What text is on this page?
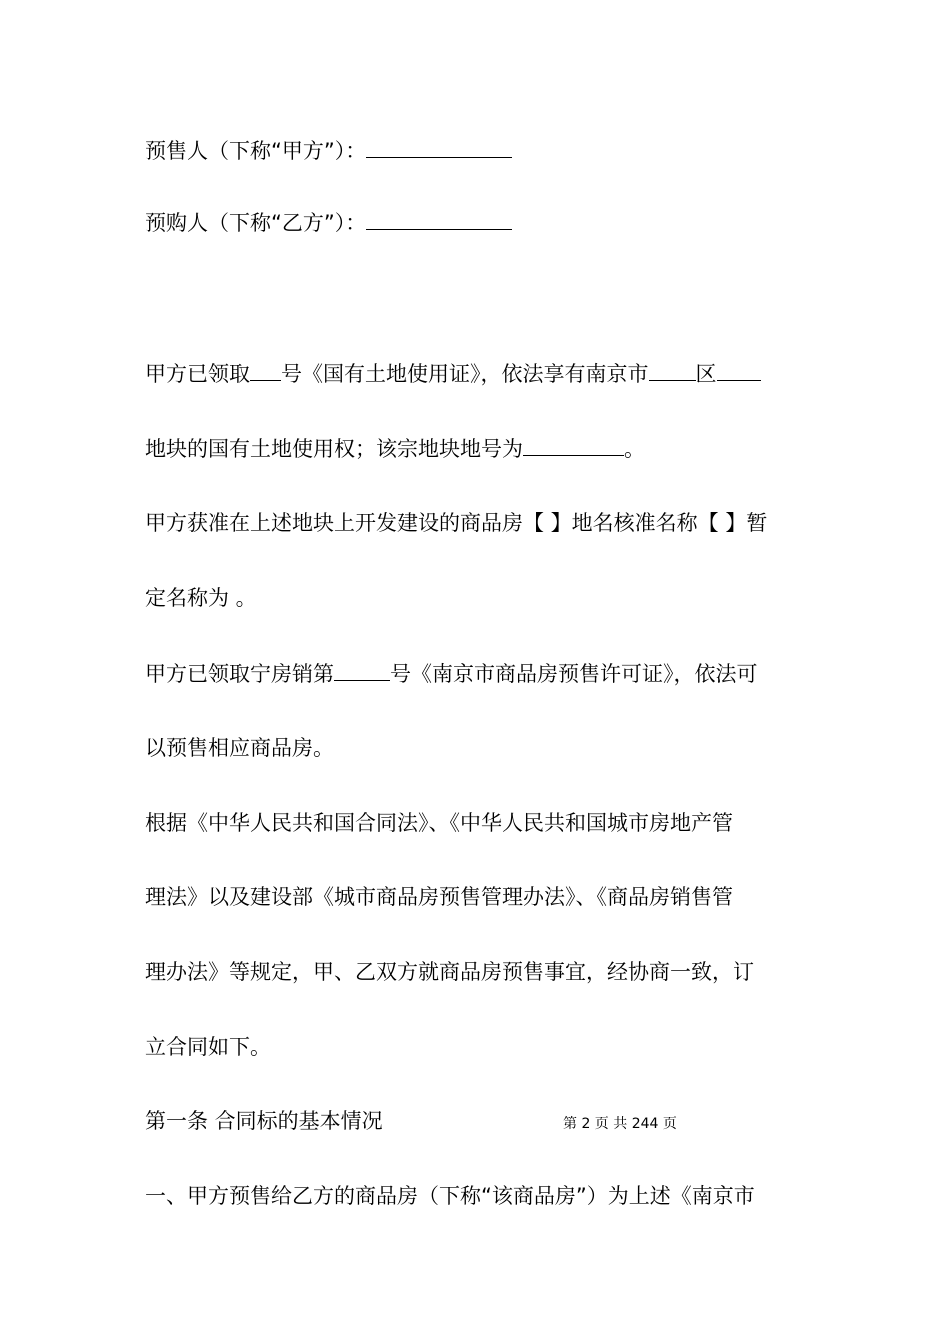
预售人（下称“甲方”）：
预购人（下称“乙方”）：
甲方已领取 号《国有土地使用证》，依法享有南京市 区
地块的国有土地使用权；该宗地块地号为	。
甲方获准在上述地块上开发建设的商品房【 】地名核准名称【 】暂
定名称为 。
甲方已领取宁房销第	号《南京市商品房预售许可证》，依法可
以预售相应商品房。
根据《中华人民共和国合同法》、《中华人民共和国城市房地产管
理法》以及建设部《城市商品房预售管理办法》、《商品房销售管
理办法》等规定，甲、乙双方就商品房预售事宜，经协商一致，订
立合同如下。
第一条 合同标的基本情况	第 2 页 共 244 页
一、甲方预售给乙方的商品房（下称“该商品房”）为上述《南京市
